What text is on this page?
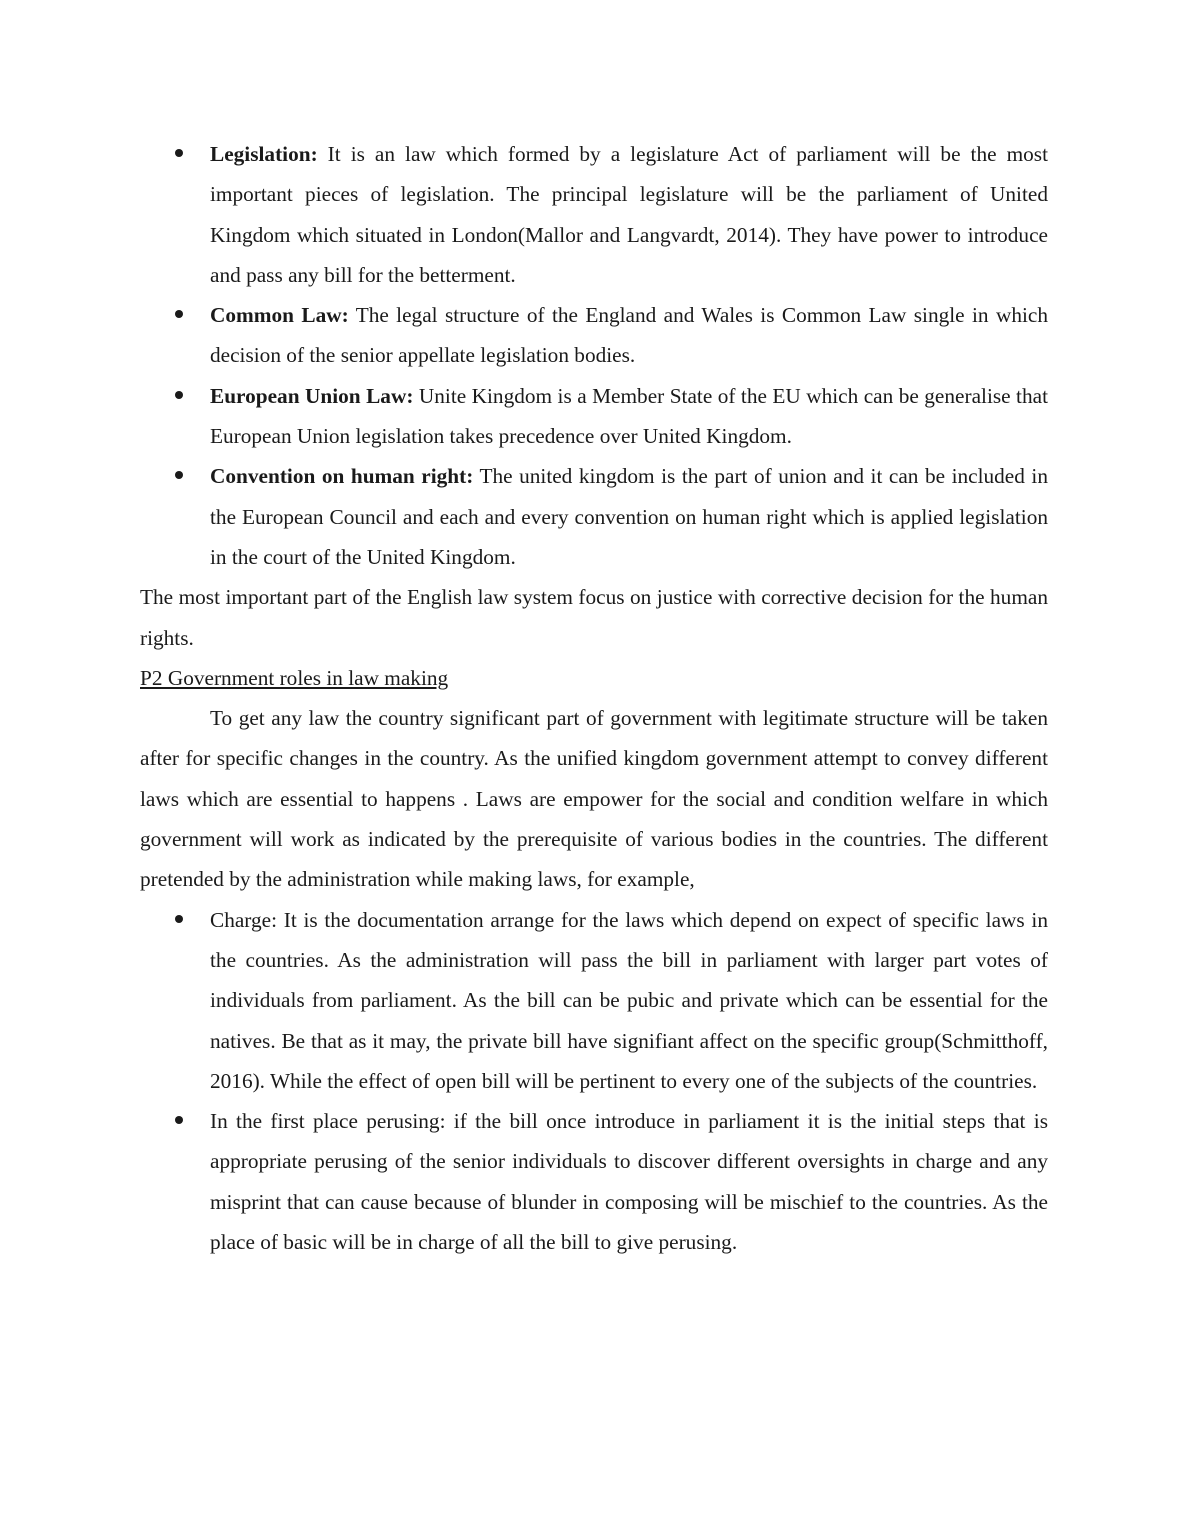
Legislation: It is an law which formed by a legislature Act of parliament will be the most important pieces of legislation. The principal legislature will be the parliament of United Kingdom which situated in London(Mallor and Langvardt, 2014). They have power to introduce and pass any bill for the betterment.
Common Law: The legal structure of the England and Wales is Common Law single in which decision of the senior appellate legislation bodies.
European Union Law: Unite Kingdom is a Member State of the EU which can be generalise that European Union legislation takes precedence over United Kingdom.
Convention on human right: The united kingdom is the part of union and it can be included in the European Council and each and every convention on human right which is applied legislation in the court of the United Kingdom.

The most important part of the English law system focus on justice with corrective decision for the human rights.

P2 Government roles in law making

To get any law the country significant part of government with legitimate structure will be taken after for specific changes in the country. As the unified kingdom government attempt to convey different laws which are essential to happens . Laws are empower for the social and condition welfare in which government will work as indicated by the prerequisite of various bodies in the countries. The different pretended by the administration while making laws, for example,

Charge: It is the documentation arrange for the laws which depend on expect of specific laws in the countries. As the administration will pass the bill in parliament with larger part votes of individuals from parliament. As the bill can be pubic and private which can be essential for the natives. Be that as it may, the private bill have signifiant affect on the specific group(Schmitthoff, 2016). While the effect of open bill will be pertinent to every one of the subjects of the countries.
In the first place perusing: if the bill once introduce in parliament it is the initial steps that is appropriate perusing of the senior individuals to discover different oversights in charge and any misprint that can cause because of blunder in composing will be mischief to the countries. As the place of basic will be in charge of all the bill to give perusing.
